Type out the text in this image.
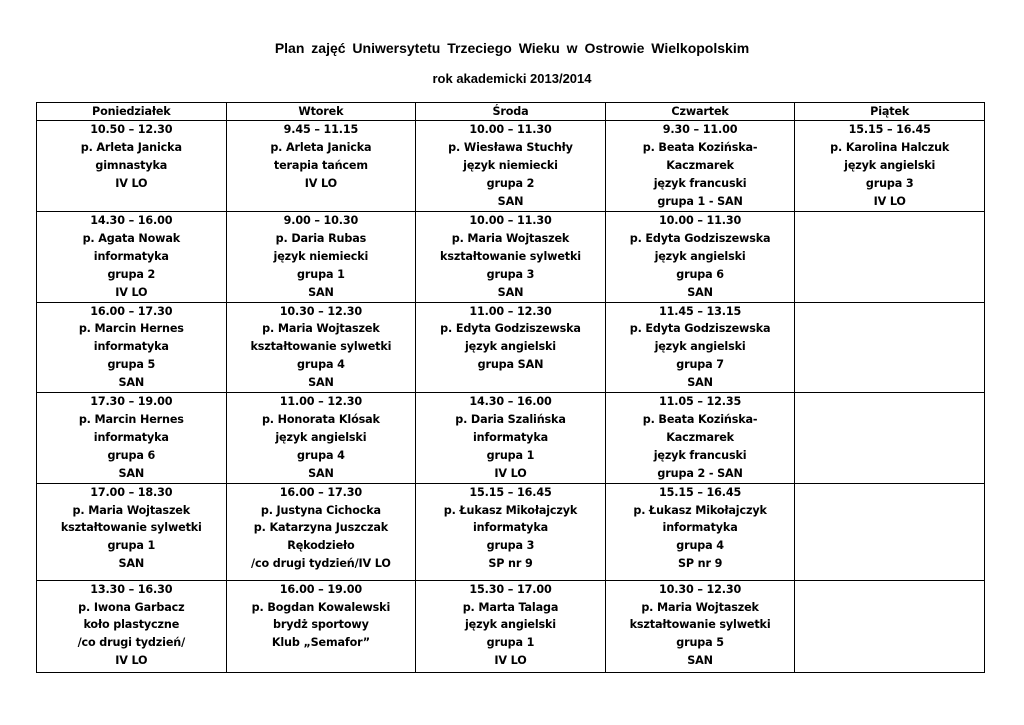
Plan zajęć Uniwersytetu Trzeciego Wieku w Ostrowie Wielkopolskim
rok akademicki 2013/2014
Poniedziałek	Wtorek	Środa	Czwartek	Piątek

10.50 – 12.30
p. Arleta Janicka
gimnastyka
IV LO	9.45 – 11.15
p. Arleta Janicka
terapia tańcem
IV LO	10.00 – 11.30
p. Wiesława Stuchły
język niemiecki
grupa 2
SAN	9.30 – 11.00
p. Beata Kozińska-
Kaczmarek
język francuski
grupa 1 - SAN	15.15 – 16.45
p. Karolina Halczuk
język angielski
grupa 3
IV LO

14.30 – 16.00
p. Agata Nowak
informatyka
grupa 2
IV LO	9.00 – 10.30
p. Daria Rubas
język niemiecki
grupa 1
SAN	10.00 – 11.30
p. Maria Wojtaszek
kształtowanie sylwetki
grupa 3
SAN	10.00 – 11.30
p. Edyta Godziszewska
język angielski
grupa 6
SAN	

16.00 – 17.30
p. Marcin Hernes
informatyka
grupa 5
SAN	10.30 – 12.30
p. Maria Wojtaszek
kształtowanie sylwetki
grupa 4
SAN	11.00 – 12.30
p. Edyta Godziszewska
język angielski
grupa SAN	11.45 – 13.15
p. Edyta Godziszewska
język angielski
grupa 7
SAN	

17.30 – 19.00
p. Marcin Hernes
informatyka
grupa 6
SAN	11.00 – 12.30
p. Honorata Klósak
język angielski
grupa 4
SAN	14.30 – 16.00
p. Daria Szalińska
informatyka
grupa 1
IV LO	11.05 – 12.35
p. Beata Kozińska-
Kaczmarek
język francuski
grupa 2 - SAN	

17.00 – 18.30
p. Maria Wojtaszek
kształtowanie sylwetki
grupa 1
SAN	16.00 – 17.30
p. Justyna Cichocka
p. Katarzyna Juszczak
Rękodzieło
/co drugi tydzień/IV LO	15.15 – 16.45
p. Łukasz Mikołajczyk
informatyka
grupa 3
SP nr 9	15.15 – 16.45
p. Łukasz Mikołajczyk
informatyka
grupa 4
SP nr 9	

13.30 – 16.30
p. Iwona Garbacz
koło plastyczne
/co drugi tydzień/
IV LO	16.00 – 19.00
p. Bogdan Kowalewski
brydż sportowy
Klub „Semafor”	15.30 – 17.00
p. Marta Talaga
język angielski
grupa 1
IV LO	10.30 – 12.30
p. Maria Wojtaszek
kształtowanie sylwetki
grupa 5
SAN	
